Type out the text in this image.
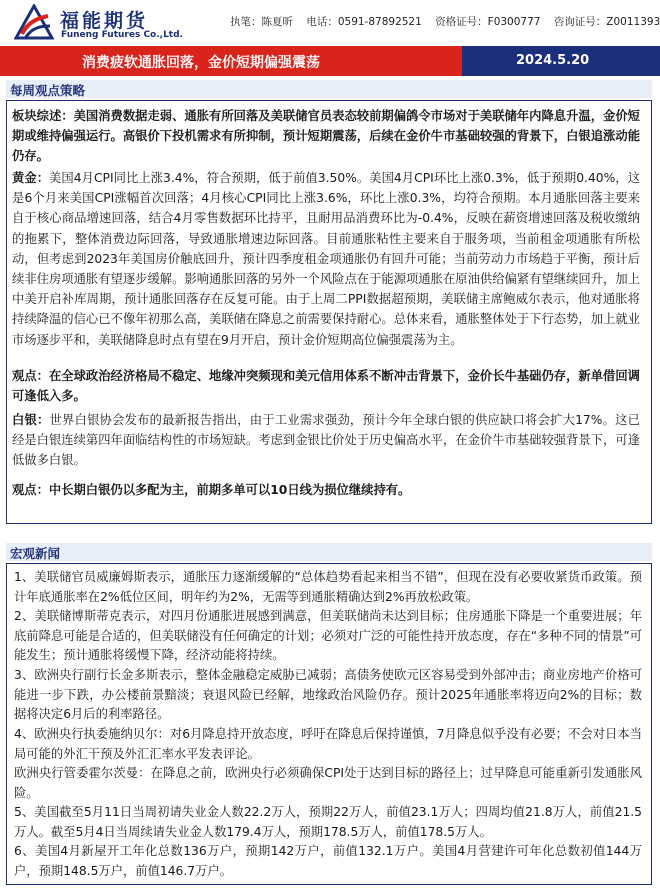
福能期货
Funeng Futures Co.,Ltd.
执笔：陈夏昕 电话：0591-87892521 资格证号：F0300777 咨询证号：Z0011393
消费疲软通胀回落，金价短期偏强震荡	2024.5.20
每周观点策略
板块综述：美国消费数据走弱、通胀有所回落及美联储官员表态较前期偏鸽令市场对于美联储年内降息升温，金价短期或维持偏强运行。高银价下投机需求有所抑制，预计短期震荡，后续在金价牛市基础较强的背景下，白银追涨动能仍存。
黄金：美国4月CPI同比上涨3.4%，符合预期，低于前值3.50%。美国4月CPI环比上涨0.3%，低于预期0.40%，这是6个月来美国CPI涨幅首次回落；4月核心CPI同比上涨3.6%，环比上涨0.3%，均符合预期。本月通胀回落主要来自于核心商品增速回落，结合4月零售数据环比持平，且耐用品消费环比为-0.4%，反映在薪资增速回落及税收缴纳的拖累下，整体消费边际回落，导致通胀增速边际回落。目前通胀粘性主要来自于服务项，当前租金项通胀有所松动，但考虑到2023年美国房价触底回升，预计四季度租金项通胀仍有回升可能；当前劳动力市场趋于平衡，预计后续非住房项通胀有望逐步缓解。影响通胀回落的另外一个风险点在于能源项通胀在原油供给偏紧有望继续回升，加上中美开启补库周期，预计通胀回落存在反复可能。由于上周二PPI数据超预期，美联储主席鲍威尔表示，他对通胀将持续降温的信心已不像年初那么高，美联储在降息之前需要保持耐心。总体来看，通胀整体处于下行态势，加上就业市场逐步平和，美联储降息时点有望在9月开启，预计金价短期高位偏强震荡为主。
观点：在全球政治经济格局不稳定、地缘冲突频现和美元信用体系不断冲击背景下，金价长牛基础仍存，新单借回调可逢低入多。
白银：世界白银协会发布的最新报告指出，由于工业需求强劲，预计今年全球白银的供应缺口将会扩大17%。这已经是白银连续第四年面临结构性的市场短缺。考虑到金银比价处于历史偏高水平，在金价牛市基础较强背景下，可逢低做多白银。
观点：中长期白银仍以多配为主，前期多单可以10日线为损位继续持有。
宏观新闻
1、美联储官员威廉姆斯表示，通胀压力逐渐缓解的“总体趋势看起来相当不错”，但现在没有必要收紧货币政策。预计年底通胀率在2%低位区间，明年约为2%，无需等到通胀精确达到2%再放松政策。
2、美联储博斯蒂克表示，对四月份通胀进展感到满意，但美联储尚未达到目标；住房通胀下降是一个重要进展；年底前降息可能是合适的，但美联储没有任何确定的计划；必须对广泛的可能性持开放态度，存在“多种不同的情景”可能发生；预计通胀将缓慢下降，经济动能将持续。
3、欧洲央行副行长金多斯表示，整体金融稳定威胁已减弱；高债务使欧元区容易受到外部冲击；商业房地产价格可能进一步下跌，办公楼前景黯淡；衰退风险已经解，地缘政治风险仍存。预计2025年通胀率将迈向2%的目标；数据将决定6月后的利率路径。
4、欧洲央行执委施纳贝尔：对6月降息持开放态度，呼吁在降息后保持谨慎，7月降息似乎没有必要；不会对日本当局可能的外汇干预及外汇汇率水平发表评论。
欧洲央行管委霍尔茨曼：在降息之前，欧洲央行必须确保CPI处于达到目标的路径上；过早降息可能重新引发通胀风险。
5、美国截至5月11日当周初请失业金人数22.2万人，预期22万人，前值23.1万人；四周均值21.8万人，前值21.5万人。截至5月4日当周续请失业金人数179.4万人，预期178.5万人，前值178.5万人。
6、美国4月新屋开工年化总数136万户，预期142万户，前值132.1万户。美国4月营建许可年化总数初值144万户，预期148.5万户，前值146.7万户。
